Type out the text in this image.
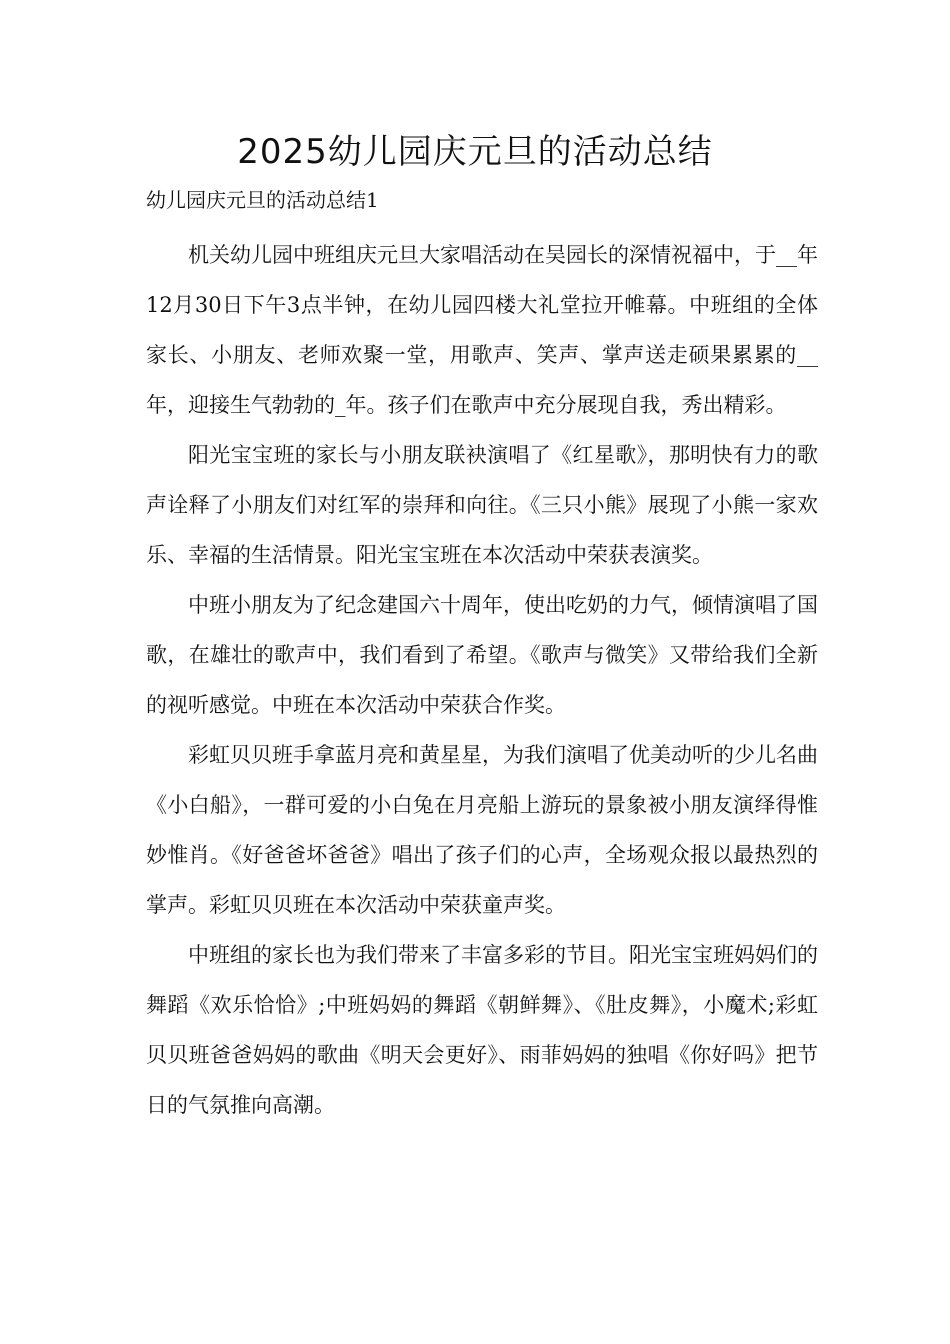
2025幼儿园庆元旦的活动总结

幼儿园庆元旦的活动总结1

机关幼儿园中班组庆元旦大家唱活动在吴园长的深情祝福中，于__年12月30日下午3点半钟，在幼儿园四楼大礼堂拉开帷幕。中班组的全体家长、小朋友、老师欢聚一堂，用歌声、笑声、掌声送走硕果累累的__年，迎接生气勃勃的_年。孩子们在歌声中充分展现自我，秀出精彩。

阳光宝宝班的家长与小朋友联袂演唱了《红星歌》，那明快有力的歌声诠释了小朋友们对红军的崇拜和向往。《三只小熊》展现了小熊一家欢乐、幸福的生活情景。阳光宝宝班在本次活动中荣获表演奖。

中班小朋友为了纪念建国六十周年，使出吃奶的力气，倾情演唱了国歌，在雄壮的歌声中，我们看到了希望。《歌声与微笑》又带给我们全新的视听感觉。中班在本次活动中荣获合作奖。

彩虹贝贝班手拿蓝月亮和黄星星，为我们演唱了优美动听的少儿名曲《小白船》，一群可爱的小白兔在月亮船上游玩的景象被小朋友演绎得惟妙惟肖。《好爸爸坏爸爸》唱出了孩子们的心声，全场观众报以最热烈的掌声。彩虹贝贝班在本次活动中荣获童声奖。

中班组的家长也为我们带来了丰富多彩的节目。阳光宝宝班妈妈们的舞蹈《欢乐恰恰》;中班妈妈的舞蹈《朝鲜舞》、《肚皮舞》，小魔术;彩虹贝贝班爸爸妈妈的歌曲《明天会更好》、雨菲妈妈的独唱《你好吗》把节日的气氛推向高潮。
